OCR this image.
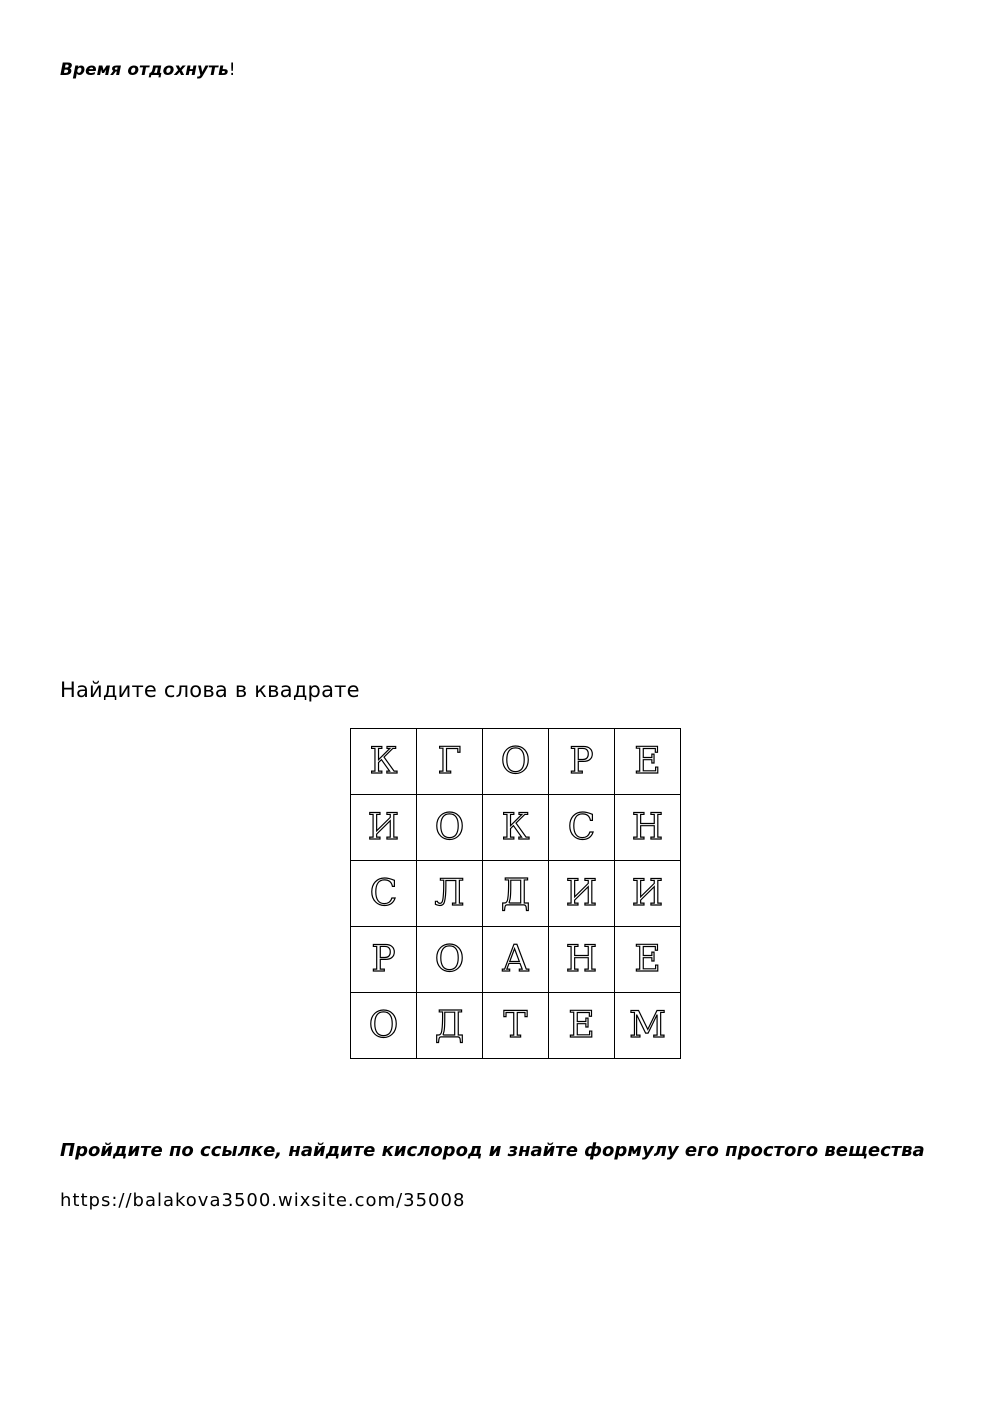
Время отдохнуть!
Найдите слова в квадрате
К	Г	О	Р	Е
И	О	К	С	Н
С	Л	Д	И	И
Р	О	А	Н	Е
О	Д	Т	Е	М
Пройдите по ссылке, найдите кислород и знайте формулу его простого вещества
https://balakova3500.wixsite.com/35008
